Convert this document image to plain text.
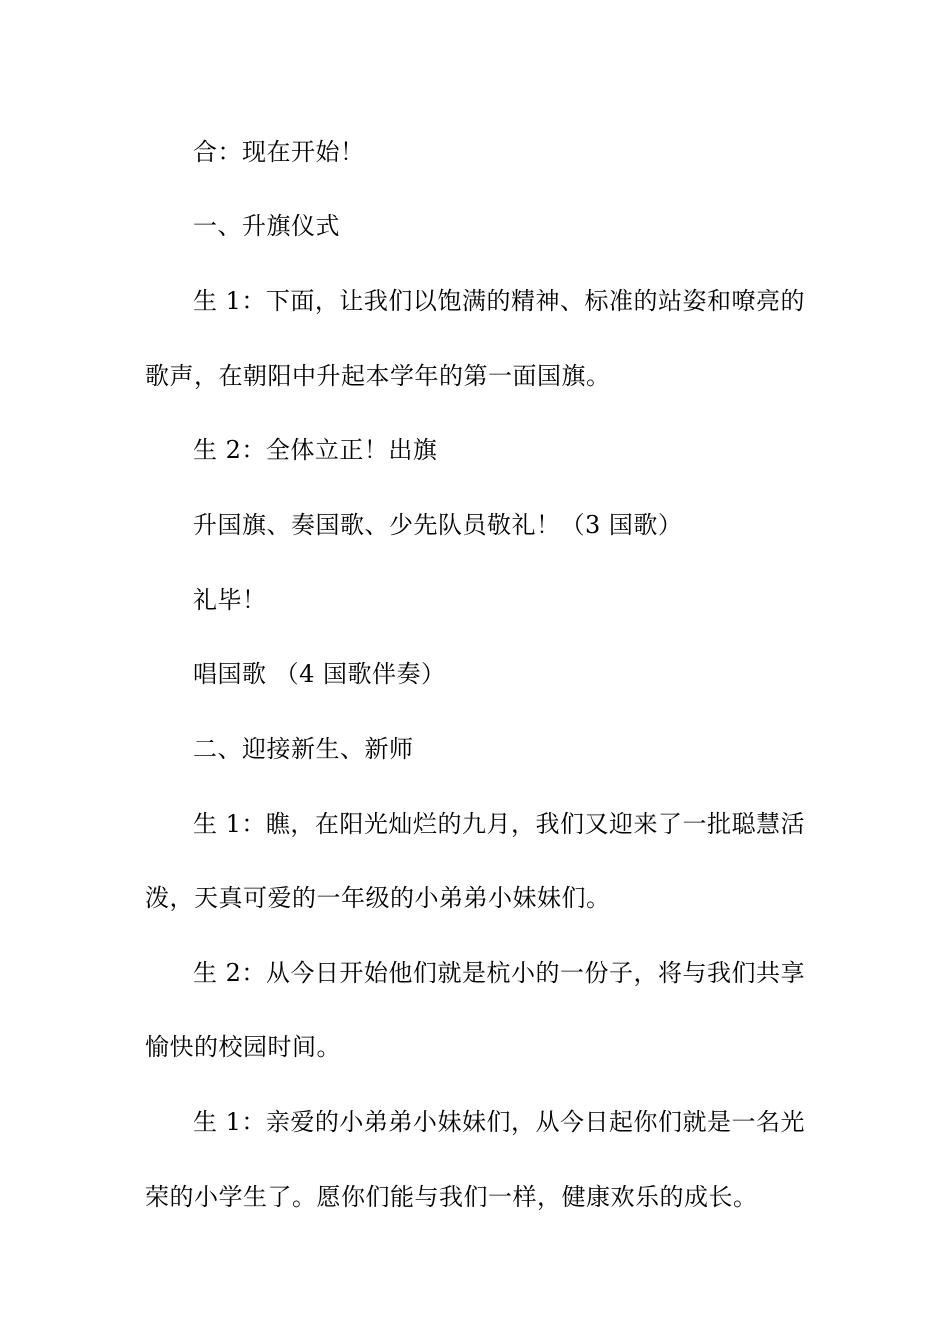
合：现在开始！
一、升旗仪式
生 1：下面，让我们以饱满的精神、标准的站姿和嘹亮的
歌声，在朝阳中升起本学年的第一面国旗。
生 2：全体立正！出旗
升国旗、奏国歌、少先队员敬礼！（3 国歌）
礼毕！
唱国歌 （4 国歌伴奏）
二、迎接新生、新师
生 1：瞧，在阳光灿烂的九月，我们又迎来了一批聪慧活
泼，天真可爱的一年级的小弟弟小妹妹们。
生 2：从今日开始他们就是杭小的一份子，将与我们共享
愉快的校园时间。
生 1：亲爱的小弟弟小妹妹们，从今日起你们就是一名光
荣的小学生了。愿你们能与我们一样，健康欢乐的成长。
